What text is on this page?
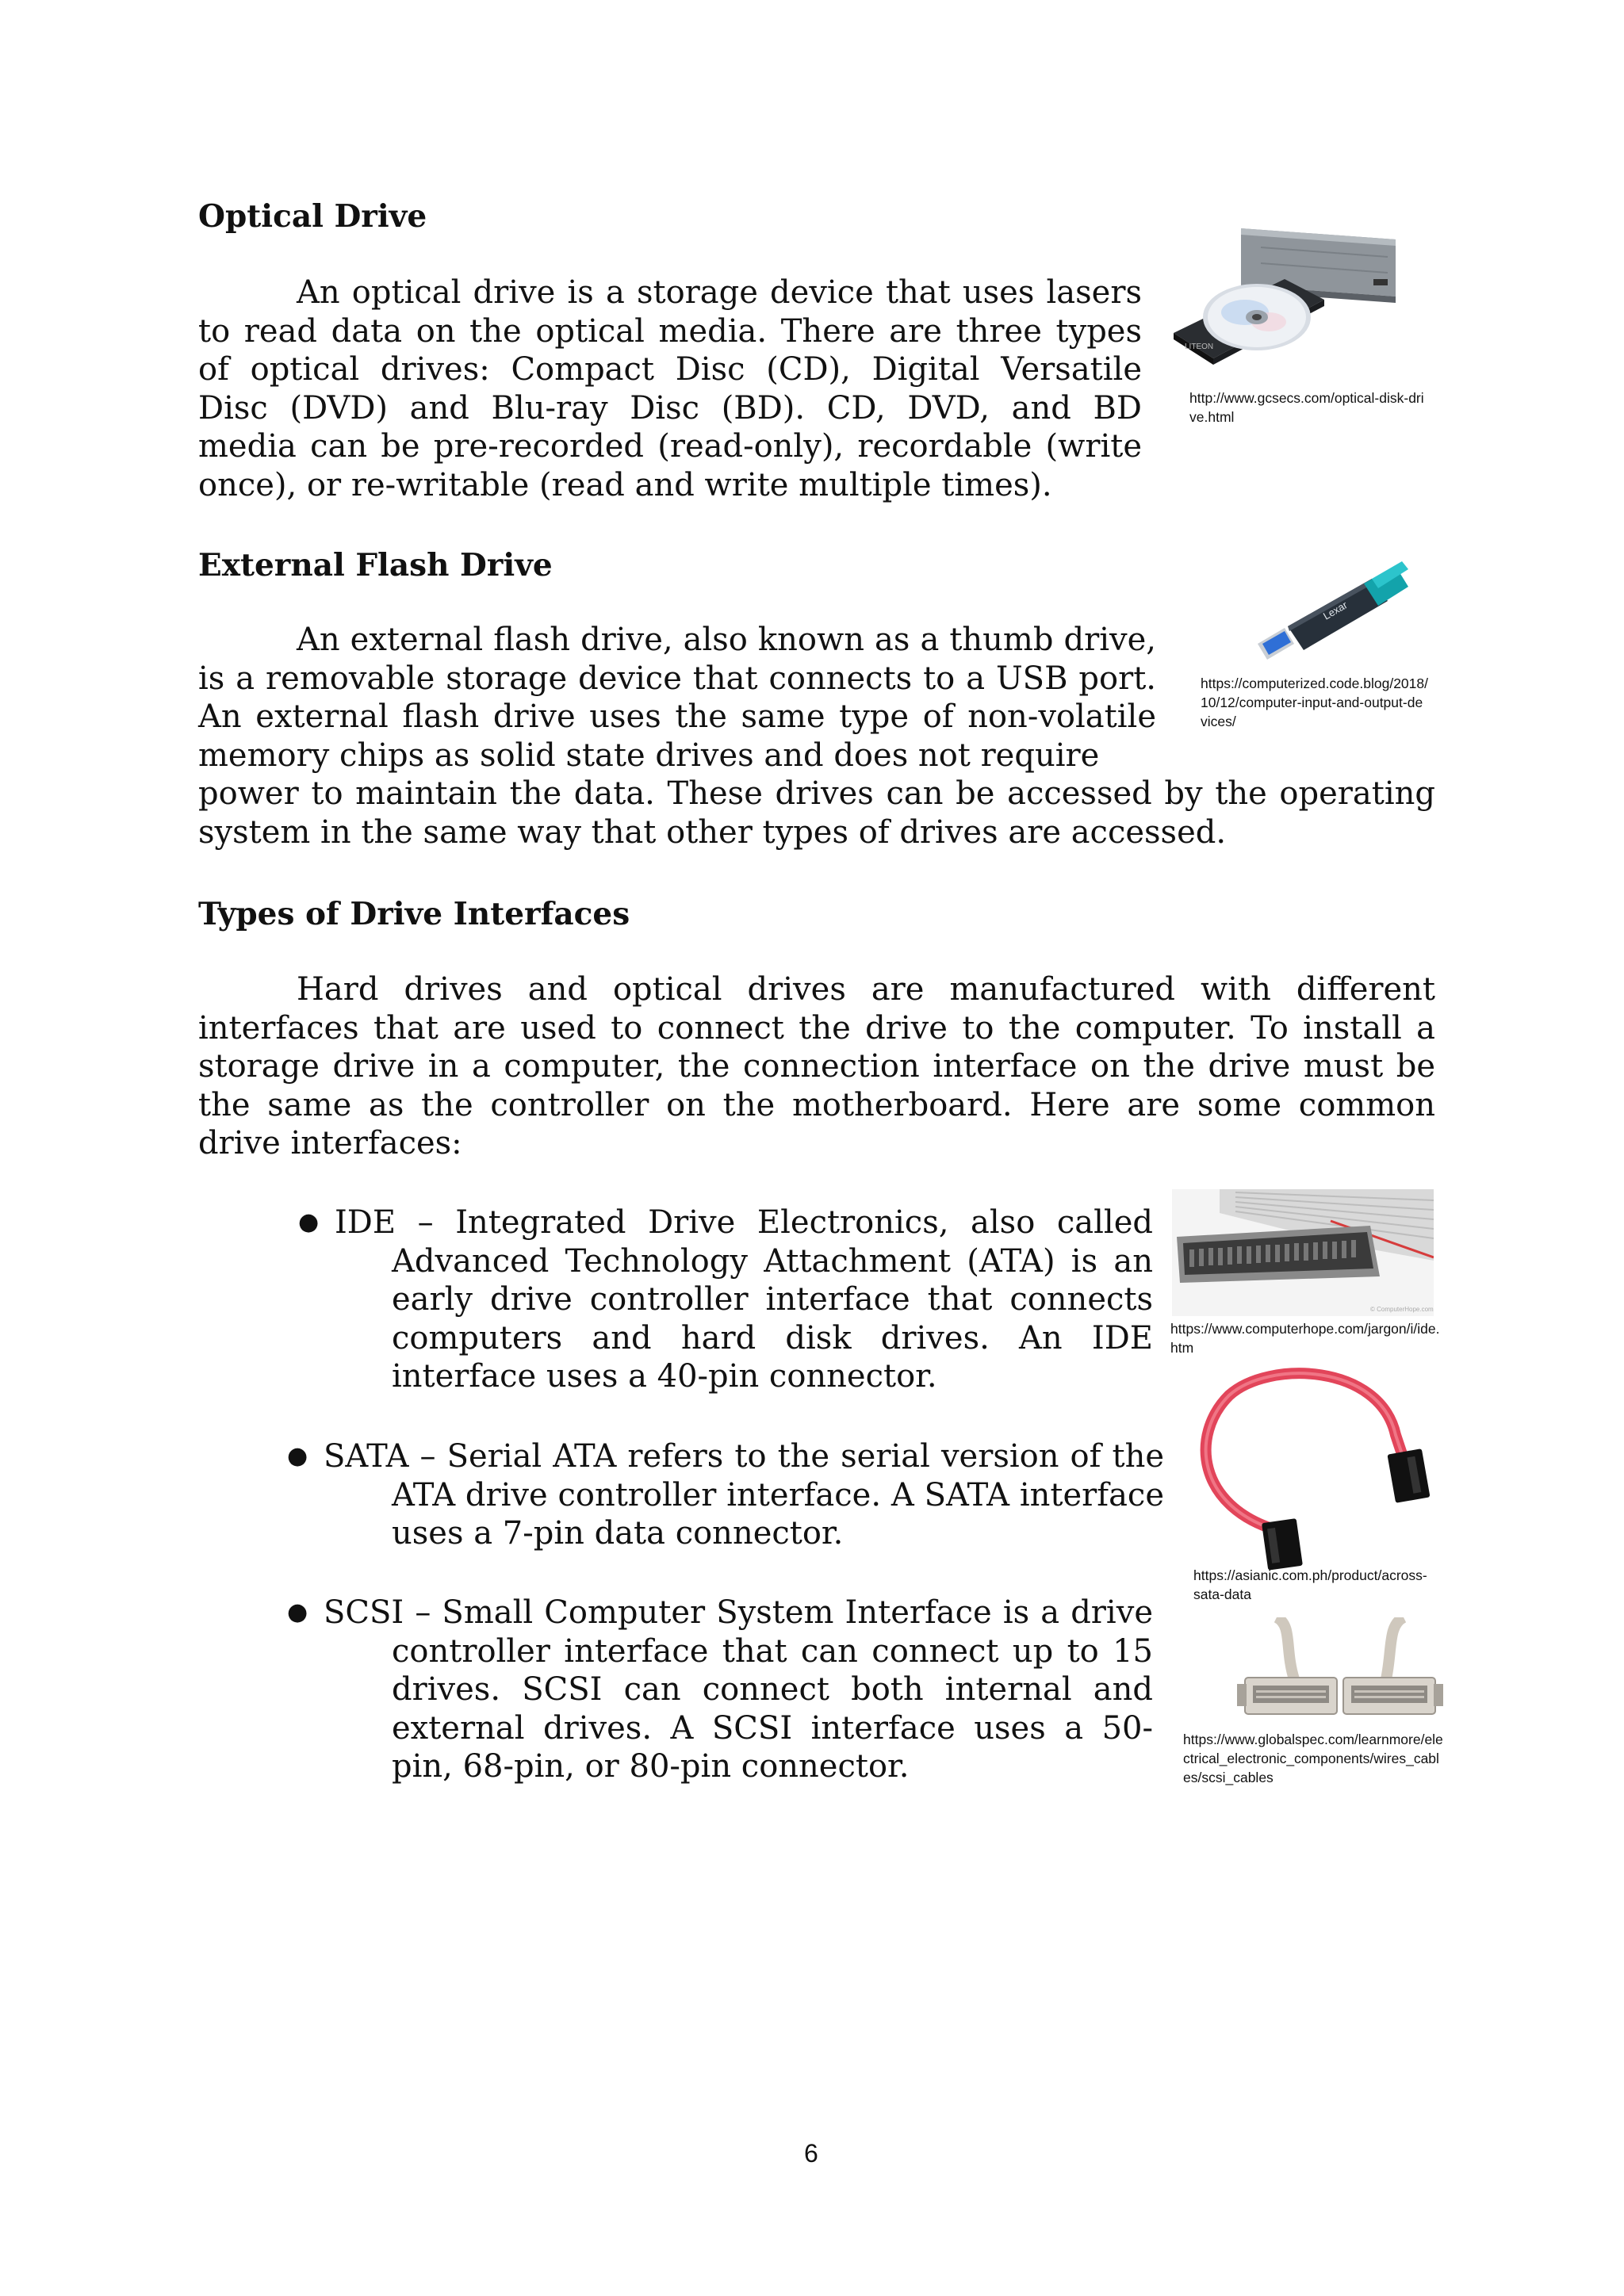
Optical Drive
An optical drive is a storage device that uses lasers to read data on the optical media. There are three types of optical drives: Compact Disc (CD), Digital Versatile Disc (DVD) and Blu-ray Disc (BD). CD, DVD, and BD media can be pre-recorded (read-only), recordable (write once), or re-writable (read and write multiple times).
LITEON
http://www.gcsecs.com/optical-disk-drive.html
External Flash Drive
An external flash drive, also known as a thumb drive, is a removable storage device that connects to a USB port. An external flash drive uses the same type of non-volatile memory chips as solid state drives and does not require
power to maintain the data. These drives can be accessed by the operating system in the same way that other types of drives are accessed.
Lexar
https://computerized.code.blog/2018/10/12/computer-input-and-output-devices/
Types of Drive Interfaces
Hard drives and optical drives are manufactured with different interfaces that are used to connect the drive to the computer. To install a storage drive in a computer, the connection interface on the drive must be the same as the controller on the motherboard. Here are some common drive interfaces:
● IDE – Integrated Drive Electronics, also called
Advanced Technology Attachment (ATA) is an early drive controller interface that connects computers and hard disk drives. An IDE interface uses a 40-pin connector.
● SATA – Serial ATA refers to the serial version of the
ATA drive controller interface. A SATA interface uses a 7-pin data connector.
● SCSI – Small Computer System Interface is a drive
controller interface that can connect up to 15 drives. SCSI can connect both internal and external drives. A SCSI interface uses a 50-pin, 68-pin, or 80-pin connector.
© ComputerHope.com
https://www.computerhope.com/jargon/i/ide.htm
https://asianic.com.ph/product/across-sata-data
https://www.globalspec.com/learnmore/electrical_electronic_components/wires_cables/scsi_cables
6
